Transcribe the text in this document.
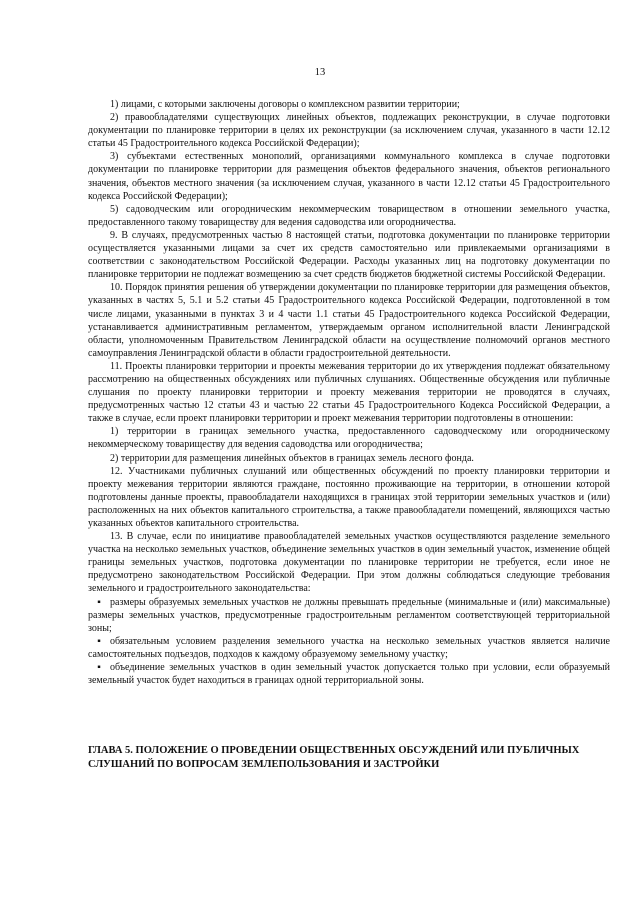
13

1) лицами, с которыми заключены договоры о комплексном развитии территории;

2) правообладателями существующих линейных объектов, подлежащих реконструкции, в случае подготовки документации по планировке территории в целях их реконструкции (за исключением случая, указанного в части 12.12 статьи 45 Градостроительного кодекса Российской Федерации);

3) субъектами естественных монополий, организациями коммунального комплекса в случае подготовки документации по планировке территории для размещения объектов федерального значения, объектов регионального значения, объектов местного значения (за исключением случая, указанного в части 12.12 статьи 45 Градостроительного кодекса Российской Федерации);

5) садоводческим или огородническим некоммерческим товариществом в отношении земельного участка, предоставленного такому товариществу для ведения садоводства или огородничества.

9. В случаях, предусмотренных частью 8 настоящей статьи, подготовка документации по планировке территории осуществляется указанными лицами за счет их средств самостоятельно или привлекаемыми организациями в соответствии с законодательством Российской Федерации. Расходы указанных лиц на подготовку документации по планировке территории не подлежат возмещению за счет средств бюджетов бюджетной системы Российской Федерации.

10. Порядок принятия решения об утверждении документации по планировке территории для размещения объектов, указанных в частях 5, 5.1 и 5.2 статьи 45 Градостроительного кодекса Российской Федерации, подготовленной в том числе лицами, указанными в пунктах 3 и 4 части 1.1 статьи 45 Градостроительного кодекса Российской Федерации, устанавливается административным регламентом, утверждаемым органом исполнительной власти Ленинградской области, уполномоченным Правительством Ленинградской области на осуществление полномочий органов местного самоуправления Ленинградской области в области градостроительной деятельности.

11. Проекты планировки территории и проекты межевания территории до их утверждения подлежат обязательному рассмотрению на общественных обсуждениях или публичных слушаниях. Общественные обсуждения или публичные слушания по проекту планировки территории и проекту межевания территории не проводятся в случаях, предусмотренных частью 12 статьи 43 и частью 22 статьи 45 Градостроительного Кодекса Российской Федерации, а также в случае, если проект планировки территории и проект межевания территории подготовлены в отношении:

1) территории в границах земельного участка, предоставленного садоводческому или огородническому некоммерческому товариществу для ведения садоводства или огородничества;

2) территории для размещения линейных объектов в границах земель лесного фонда.

12. Участниками публичных слушаний или общественных обсуждений по проекту планировки территории и проекту межевания территории являются граждане, постоянно проживающие на территории, в отношении которой подготовлены данные проекты, правообладатели находящихся в границах этой территории земельных участков и (или) расположенных на них объектов капитального строительства, а также правообладатели помещений, являющихся частью указанных объектов капитального строительства.

13. В случае, если по инициативе правообладателей земельных участков осуществляются разделение земельного участка на несколько земельных участков, объединение земельных участков в один земельный участок, изменение общей границы земельных участков, подготовка документации по планировке территории не требуется, если иное не предусмотрено законодательством Российской Федерации. При этом должны соблюдаться следующие требования земельного и градостроительного законодательства:

▪ размеры образуемых земельных участков не должны превышать предельные (минимальные и (или) максимальные) размеры земельных участков, предусмотренные градостроительным регламентом соответствующей территориальной зоны;

▪ обязательным условием разделения земельного участка на несколько земельных участков является наличие самостоятельных подъездов, подходов к каждому образуемому земельному участку;

▪ объединение земельных участков в один земельный участок допускается только при условии, если образуемый земельный участок будет находиться в границах одной территориальной зоны.

ГЛАВА 5. ПОЛОЖЕНИЕ О ПРОВЕДЕНИИ ОБЩЕСТВЕННЫХ ОБСУЖДЕНИЙ ИЛИ ПУБЛИЧНЫХ СЛУШАНИЙ ПО ВОПРОСАМ ЗЕМЛЕПОЛЬЗОВАНИЯ И ЗАСТРОЙКИ
